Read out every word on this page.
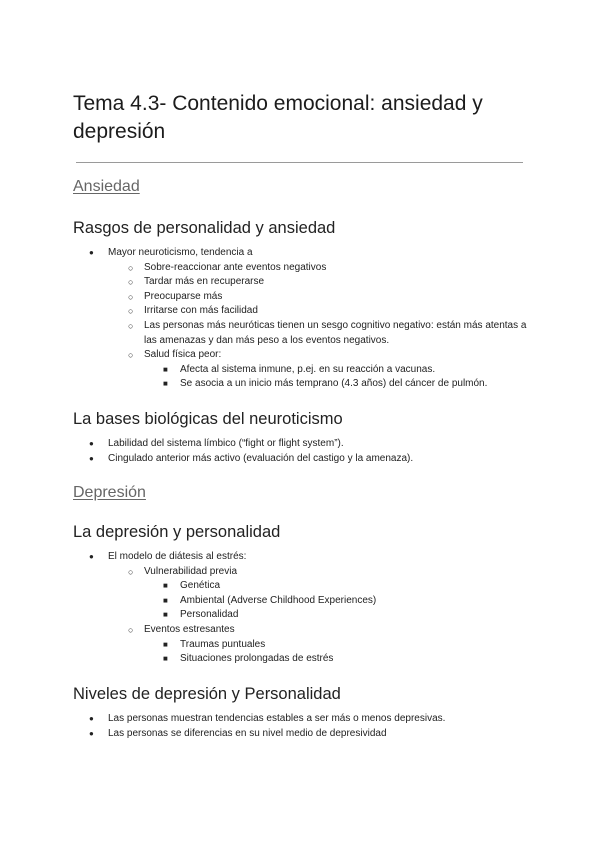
Tema 4.3- Contenido emocional: ansiedad y depresión
Ansiedad
Rasgos de personalidad y ansiedad
● Mayor neuroticismo, tendencia a
○ Sobre-reaccionar ante eventos negativos
○ Tardar más en recuperarse
○ Preocuparse más
○ Irritarse con más facilidad
○ Las personas más neuróticas tienen un sesgo cognitivo negativo: están más atentas a las amenazas y dan más peso a los eventos negativos.
○ Salud física peor:
■ Afecta al sistema inmune, p.ej. en su reacción a vacunas.
■ Se asocia a un inicio más temprano (4.3 años) del cáncer de pulmón.
La bases biológicas del neuroticismo
● Labilidad del sistema límbico (“fight or flight system”).
● Cingulado anterior más activo (evaluación del castigo y la amenaza).
Depresión
La depresión y personalidad
● El modelo de diátesis al estrés:
○ Vulnerabilidad previa
■ Genética
■ Ambiental (Adverse Childhood Experiences)
■ Personalidad
○ Eventos estresantes
■ Traumas puntuales
■ Situaciones prolongadas de estrés
Niveles de depresión y Personalidad
● Las personas muestran tendencias estables a ser más o menos depresivas.
● Las personas se diferencias en su nivel medio de depresividad
